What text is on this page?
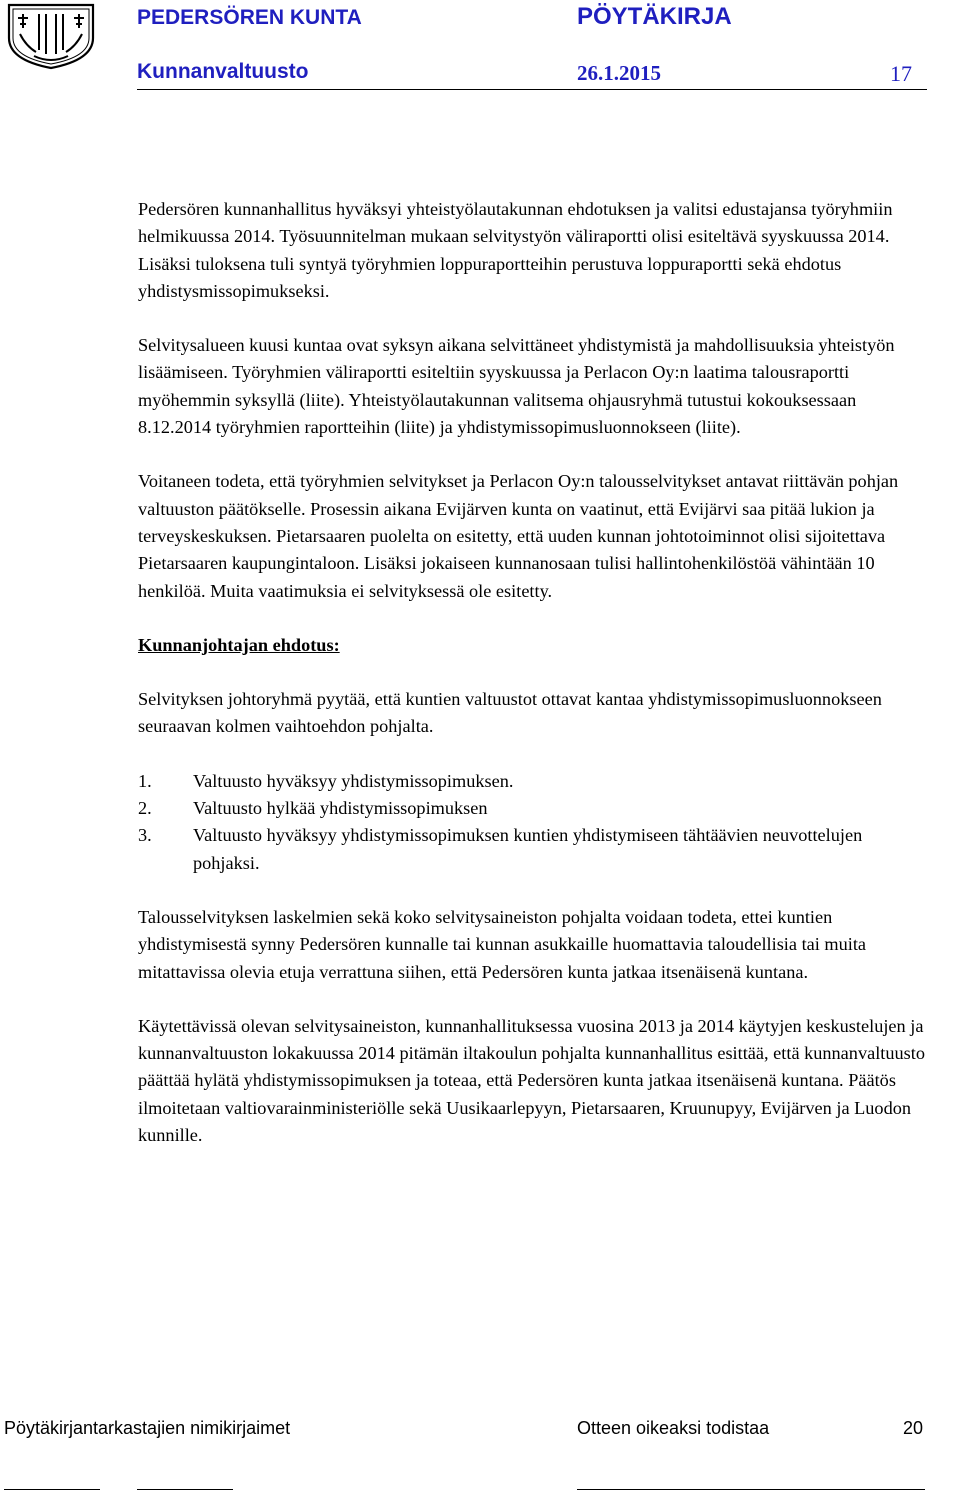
PEDERSÖREN KUNTA	PÖYTÄKIRJA
Kunnanvaltuusto	26.1.2015	17

Pedersören kunnanhallitus hyväksyi yhteistyölautakunnan ehdotuksen ja valitsi edustajansa työryhmiin helmikuussa 2014. Työsuunnitelman mukaan selvitystyön väliraportti olisi esiteltävä syyskuussa 2014. Lisäksi tuloksena tuli syntyä työryhmien loppuraportteihin perustuva loppuraportti sekä ehdotus yhdistysmissopimukseksi.

Selvitysalueen kuusi kuntaa ovat syksyn aikana selvittäneet yhdistymistä ja mahdollisuuksia yhteistyön lisäämiseen. Työryhmien väliraportti esiteltiin syyskuussa ja Perlacon Oy:n laatima talousraportti myöhemmin syksyllä (liite). Yhteistyölautakunnan valitsema ohjausryhmä tutustui kokouksessaan 8.12.2014 työryhmien raportteihin (liite) ja yhdistymissopimusluonnokseen (liite).

Voitaneen todeta, että työryhmien selvitykset ja Perlacon Oy:n talousselvitykset antavat riittävän pohjan valtuuston päätökselle. Prosessin aikana Evijärven kunta on vaatinut, että Evijärvi saa pitää lukion ja terveyskeskuksen. Pietarsaaren puolelta on esitetty, että uuden kunnan johtotoiminnot olisi sijoitettava Pietarsaaren kaupungintaloon. Lisäksi jokaiseen kunnanosaan tulisi hallintohenkilöstöä vähintään 10 henkilöä. Muita vaatimuksia ei selvityksessä ole esitetty.

Kunnanjohtajan ehdotus:

Selvityksen johtoryhmä pyytää, että kuntien valtuustot ottavat kantaa yhdistymissopimusluonnokseen seuraavan kolmen vaihtoehdon pohjalta.

1.	Valtuusto hyväksyy yhdistymissopimuksen.
2.	Valtuusto hylkää yhdistymissopimuksen
3.	Valtuusto hyväksyy yhdistymissopimuksen kuntien yhdistymiseen tähtäävien neuvottelujen pohjaksi.

Talousselvityksen laskelmien sekä koko selvitysaineiston pohjalta voidaan todeta, ettei kuntien yhdistymisestä synny Pedersören kunnalle tai kunnan asukkaille huomattavia taloudellisia tai muita mitattavissa olevia etuja verrattuna siihen, että Pedersören kunta jatkaa itsenäisenä kuntana.

Käytettävissä olevan selvitysaineiston, kunnanhallituksessa vuosina 2013 ja 2014 käytyjen keskustelujen ja kunnanvaltuuston lokakuussa 2014 pitämän iltakoulun pohjalta kunnanhallitus esittää, että kunnanvaltuusto päättää hylätä yhdistymissopimuksen ja toteaa, että Pedersören kunta jatkaa itsenäisenä kuntana. Päätös ilmoitetaan valtiovarainministeriölle sekä Uusikaarlepyyn, Pietarsaaren, Kruunupyy, Evijärven ja Luodon kunnille.

Pöytäkirjantarkastajien nimikirjaimet	Otteen oikeaksi todistaa	20
